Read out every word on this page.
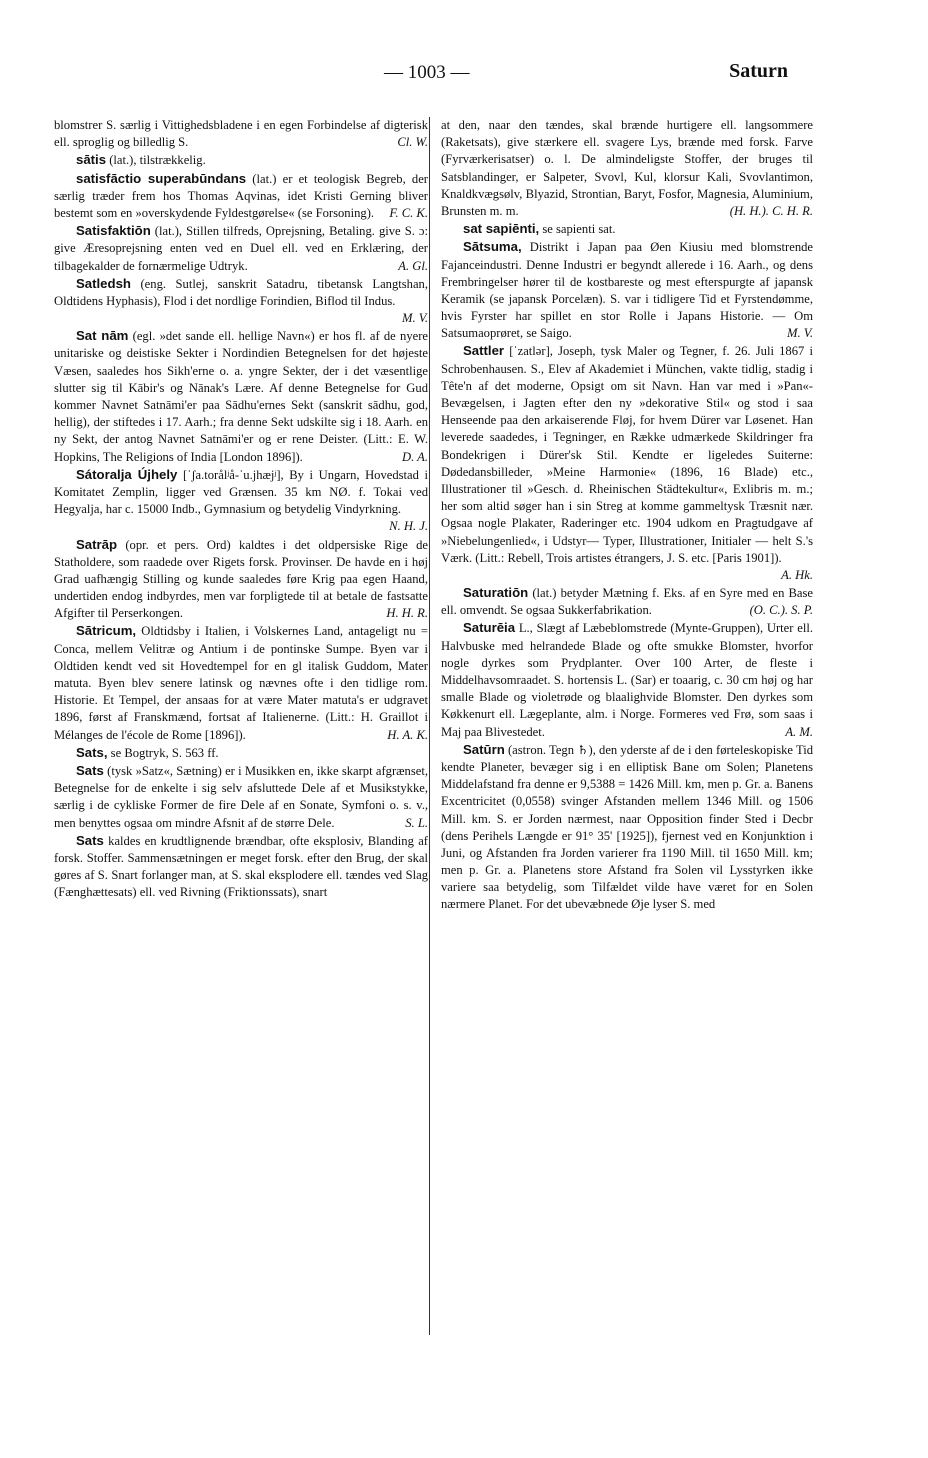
— 1003 —	Saturn

blomstrer S. særlig i Vittighedsbladene i en egen Forbindelse af digterisk ell. sproglig og billedlig S.	Cl. W.

sātis (lat.), tilstrækkelig.

satisfāctio superabūndans (lat.) er et teologisk Begreb, der særlig træder frem hos Thomas Aqvinas, idet Kristi Gerning bliver bestemt som en »overskydende Fyldestgørelse« (se Forsoning).	F. C. K.

Satisfaktiōn (lat.), Stillen tilfreds, Oprejsning, Betaling. give S. ɔ: give Æresoprejsning enten ved en Duel ell. ved en Erklæring, der tilbagekalder de fornærmelige Udtryk.	A. Gl.

Satledsh (eng. Sutlej, sanskrit Satadru, tibetansk Langtshan, Oldtidens Hyphasis), Flod i det nordlige Forindien, Biflod til Indus.
M. V.

Sat nām (egl. »det sande ell. hellige Navn«) er hos fl. af de nyere unitariske og deistiske Sekter i Nordindien Betegnelsen for det højeste Væsen, saaledes hos Sikh'erne o. a. yngre Sekter, der i det væsentlige slutter sig til Kābir's og Nānak's Lære. Af denne Betegnelse for Gud kommer Navnet Satnāmi'er paa Sādhu'ernes Sekt (sanskrit sādhu, god, hellig), der stiftedes i 17. Aarh.; fra denne Sekt udskilte sig i 18. Aarh. en ny Sekt, der antog Navnet Satnāmi'er og er rene Deister. (Litt.: E. W. Hopkins, The Religions of India [London 1896]).	D. A.

Sátoralja Újhely [ˈʃa.torålʲå-ˈu.jhæjʲ], By i Ungarn, Hovedstad i Komitatet Zemplin, ligger ved Grænsen. 35 km NØ. f. Tokai ved Hegyalja, har c. 15000 Indb., Gymnasium og betydelig Vindyrkning.
N. H. J.

Satrāp (opr. et pers. Ord) kaldtes i det oldpersiske Rige de Statholdere, som raadede over Rigets forsk. Provinser. De havde en i høj Grad uafhængig Stilling og kunde saaledes føre Krig paa egen Haand, undertiden endog indbyrdes, men var forpligtede til at betale de fastsatte Afgifter til Perserkongen.	H. H. R.

Sātricum, Oldtidsby i Italien, i Volskernes Land, antageligt nu = Conca, mellem Velitræ og Antium i de pontinske Sumpe. Byen var i Oldtiden kendt ved sit Hovedtempel for en gl italisk Guddom, Mater matuta. Byen blev senere latinsk og nævnes ofte i den tidlige rom. Historie. Et Tempel, der ansaas for at være Mater matuta's er udgravet 1896, først af Franskmænd, fortsat af Italienerne. (Litt.: H. Graillot i Mélanges de l'école de Rome [1896]).	H. A. K.

Sats, se Bogtryk, S. 563 ff.

Sats (tysk »Satz«, Sætning) er i Musikken en, ikke skarpt afgrænset, Betegnelse for de enkelte i sig selv afsluttede Dele af et Musikstykke, særlig i de cykliske Former de fire Dele af en Sonate, Symfoni o. s. v., men benyttes ogsaa om mindre Afsnit af de større Dele.	S. L.

Sats kaldes en krudtlignende brændbar, ofte eksplosiv, Blanding af forsk. Stoffer. Sammensætningen er meget forsk. efter den Brug, der skal gøres af S. Snart forlanger man, at S. skal eksplodere ell. tændes ved Slag (Fænghættesats) ell. ved Rivning (Friktionssats), snart

at den, naar den tændes, skal brænde hurtigere ell. langsommere (Raketsats), give stærkere ell. svagere Lys, brænde med forsk. Farve (Fyrværkerisatser) o. l. De almindeligste Stoffer, der bruges til Satsblandinger, er Salpeter, Svovl, Kul, klorsur Kali, Svovlantimon, Knaldkvægsølv, Blyazid, Strontian, Baryt, Fosfor, Magnesia, Aluminium, Brunsten m. m.	(H. H.). C. H. R.

sat sapiēnti, se sapienti sat.

Sātsuma, Distrikt i Japan paa Øen Kiusiu med blomstrende Fajanceindustri. Denne Industri er begyndt allerede i 16. Aarh., og dens Frembringelser hører til de kostbareste og mest efterspurgte af japansk Keramik (se japansk Porcelæn). S. var i tidligere Tid et Fyrstendømme, hvis Fyrster har spillet en stor Rolle i Japans Historie. — Om Satsumaoprøret, se Saigo.	M. V.

Sattler [ˈzatlər], Joseph, tysk Maler og Tegner, f. 26. Juli 1867 i Schrobenhausen. S., Elev af Akademiet i München, vakte tidlig, stadig i Tête'n af det moderne, Opsigt om sit Navn. Han var med i »Pan«-Bevægelsen, i Jagten efter den ny »dekorative Stil« og stod i saa Henseende paa den arkaiserende Fløj, for hvem Dürer var Løsenet. Han leverede saadedes, i Tegninger, en Række udmærkede Skildringer fra Bondekrigen i Dürer'sk Stil. Kendte er ligeledes Suiterne: Dødedansbilleder, »Meine Harmonie« (1896, 16 Blade) etc., Illustrationer til »Gesch. d. Rheinischen Städtekultur«, Exlibris m. m.; her som altid søger han i sin Streg at komme gammeltysk Træsnit nær. Ogsaa nogle Plakater, Raderinger etc. 1904 udkom en Pragtudgave af »Niebelungenlied«, i Udstyr— Typer, Illustrationer, Initialer — helt S.'s Værk. (Litt.: Rebell, Trois artistes étrangers, J. S. etc. [Paris 1901]).
A. Hk.

Saturatiōn (lat.) betyder Mætning f. Eks. af en Syre med en Base ell. omvendt. Se ogsaa Sukkerfabrikation.	(O. C.). S. P.

Saturēia L., Slægt af Læbeblomstrede (Mynte-Gruppen), Urter ell. Halvbuske med helrandede Blade og ofte smukke Blomster, hvorfor nogle dyrkes som Prydplanter. Over 100 Arter, de fleste i Middelhavsomraadet. S. hortensis L. (Sar) er toaarig, c. 30 cm høj og har smalle Blade og violetrøde og blaalighvide Blomster. Den dyrkes som Køkkenurt ell. Lægeplante, alm. i Norge. Formeres ved Frø, som saas i Maj paa Blivestedet.	A. M.

Satūrn (astron. Tegn ♄), den yderste af de i den førteleskopiske Tid kendte Planeter, bevæger sig i en elliptisk Bane om Solen; Planetens Middelafstand fra denne er 9,5388 = 1426 Mill. km, men p. Gr. a. Banens Excentricitet (0,0558) svinger Afstanden mellem 1346 Mill. og 1506 Mill. km. S. er Jorden nærmest, naar Opposition finder Sted i Decbr (dens Perihels Længde er 91° 35' [1925]), fjernest ved en Konjunktion i Juni, og Afstanden fra Jorden varierer fra 1190 Mill. til 1650 Mill. km; men p. Gr. a. Planetens store Afstand fra Solen vil Lysstyrken ikke variere saa betydelig, som Tilfældet vilde have været for en Solen nærmere Planet. For det ubevæbnede Øje lyser S. med
